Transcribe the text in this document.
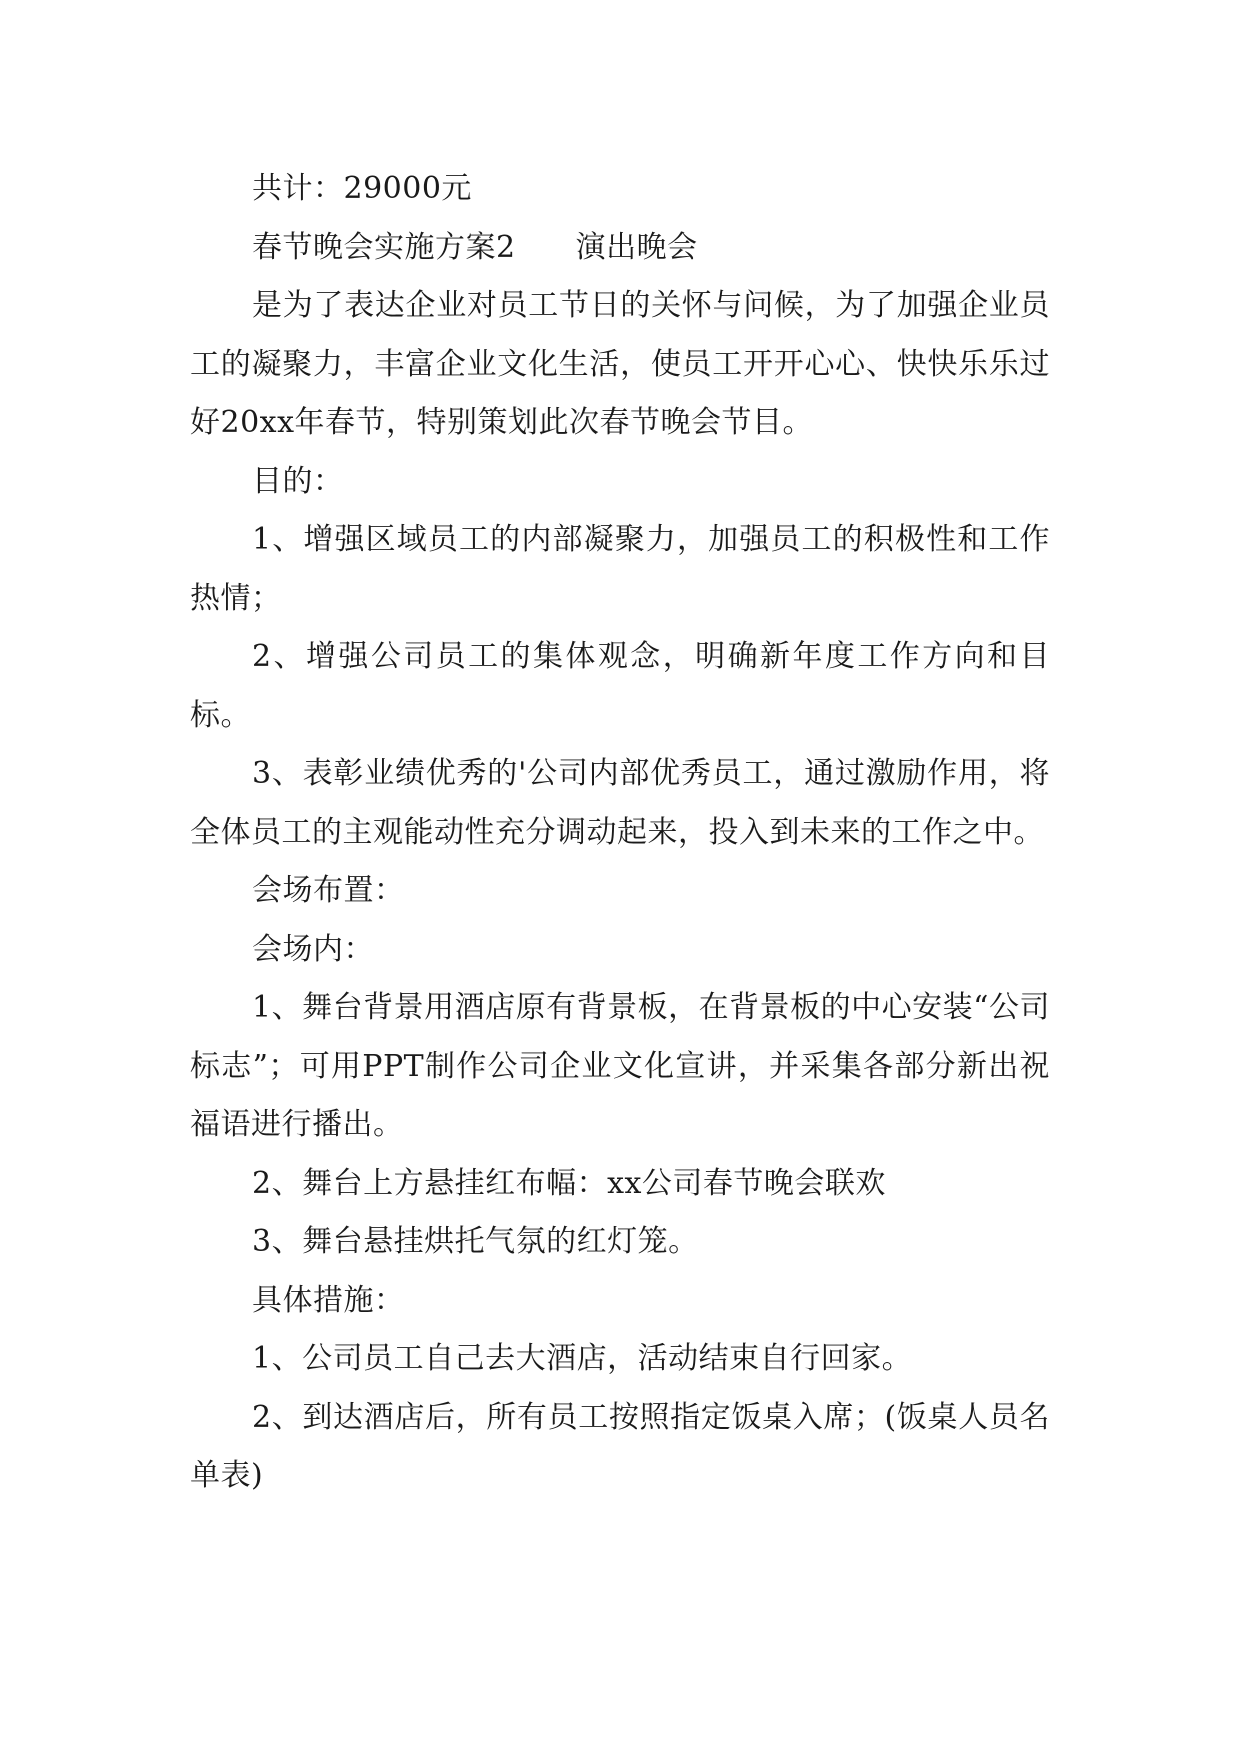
共计：29000元

春节晚会实施方案2 演出晚会

是为了表达企业对员工节日的关怀与问候，为了加强企业员工的凝聚力，丰富企业文化生活，使员工开开心心、快快乐乐过好20xx年春节，特别策划此次春节晚会节目。

目的：

1、增强区域员工的内部凝聚力，加强员工的积极性和工作热情；

2、增强公司员工的集体观念，明确新年度工作方向和目标。

3、表彰业绩优秀的'公司内部优秀员工，通过激励作用，将全体员工的主观能动性充分调动起来，投入到未来的工作之中。

会场布置：

会场内：

1、舞台背景用酒店原有背景板，在背景板的中心安装“公司标志”；可用PPT制作公司企业文化宣讲，并采集各部分新出祝福语进行播出。

2、舞台上方悬挂红布幅：xx公司春节晚会联欢

3、舞台悬挂烘托气氛的红灯笼。

具体措施：

1、公司员工自己去大酒店，活动结束自行回家。

2、到达酒店后，所有员工按照指定饭桌入席；(饭桌人员名单表)
